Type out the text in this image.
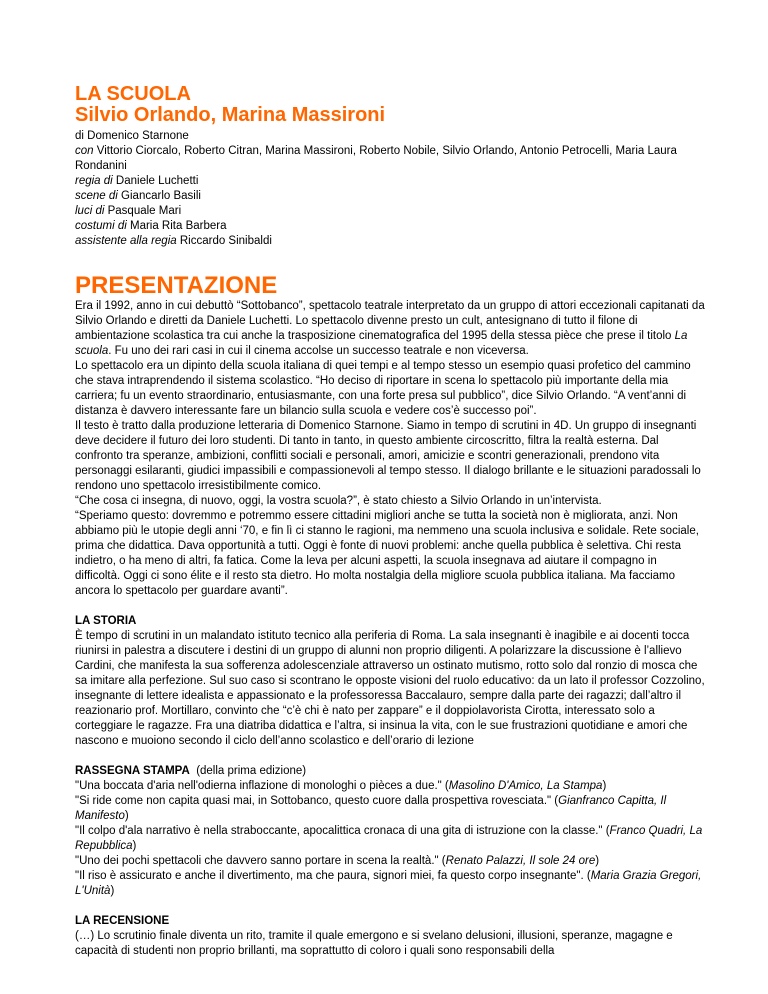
LA SCUOLA
Silvio Orlando, Marina Massironi
di Domenico Starnone
con Vittorio Ciorcalo, Roberto Citran, Marina Massironi, Roberto Nobile, Silvio Orlando, Antonio Petrocelli, Maria Laura Rondanini
regia di Daniele Luchetti
scene di Giancarlo Basili
luci di Pasquale Mari
costumi di Maria Rita Barbera
assistente alla regia Riccardo Sinibaldi
PRESENTAZIONE

Era il 1992, anno in cui debuttò “Sottobanco”, spettacolo teatrale interpretato da un gruppo di attori eccezionali capitanati da Silvio Orlando e diretti da Daniele Luchetti. Lo spettacolo divenne presto un cult, antesignano di tutto il filone di ambientazione scolastica tra cui anche la trasposizione cinematografica del 1995 della stessa pièce che prese il titolo La scuola. Fu uno dei rari casi in cui il cinema accolse un successo teatrale e non viceversa.

Lo spettacolo era un dipinto della scuola italiana di quei tempi e al tempo stesso un esempio quasi profetico del cammino che stava intraprendendo il sistema scolastico. “Ho deciso di riportare in scena lo spettacolo più importante della mia carriera; fu un evento straordinario, entusiasmante, con una forte presa sul pubblico”, dice Silvio Orlando. “A vent’anni di distanza è davvero interessante fare un bilancio sulla scuola e vedere cos’è successo poi”.

Il testo è tratto dalla produzione letteraria di Domenico Starnone. Siamo in tempo di scrutini in 4D. Un gruppo di insegnanti deve decidere il futuro dei loro studenti. Di tanto in tanto, in questo ambiente circoscritto, filtra la realtà esterna. Dal confronto tra speranze, ambizioni, conflitti sociali e personali, amori, amicizie e scontri generazionali, prendono vita personaggi esilaranti, giudici impassibili e compassionevoli al tempo stesso. Il dialogo brillante e le situazioni paradossali lo rendono uno spettacolo irresistibilmente comico.

“Che cosa ci insegna, di nuovo, oggi, la vostra scuola?”, è stato chiesto a Silvio Orlando in un’intervista.

“Speriamo questo: dovremmo e potremmo essere cittadini migliori anche se tutta la società non è migliorata, anzi. Non abbiamo più le utopie degli anni ‘70, e fin lì ci stanno le ragioni, ma nemmeno una scuola inclusiva e solidale. Rete sociale, prima che didattica. Dava opportunità a tutti. Oggi è fonte di nuovi problemi: anche quella pubblica è selettiva. Chi resta indietro, o ha meno di altri, fa fatica. Come la leva per alcuni aspetti, la scuola insegnava ad aiutare il compagno in difficoltà. Oggi ci sono élite e il resto sta dietro. Ho molta nostalgia della migliore scuola pubblica italiana. Ma facciamo ancora lo spettacolo per guardare avanti”.

LA STORIA
È tempo di scrutini in un malandato istituto tecnico alla periferia di Roma. La sala insegnanti è inagibile e ai docenti tocca riunirsi in palestra a discutere i destini di un gruppo di alunni non proprio diligenti. A polarizzare la discussione è l’allievo Cardini, che manifesta la sua sofferenza adolescenziale attraverso un ostinato mutismo, rotto solo dal ronzio di mosca che sa imitare alla perfezione. Sul suo caso si scontrano le opposte visioni del ruolo educativo: da un lato il professor Cozzolino, insegnante di lettere idealista e appassionato e la professoressa Baccalauro, sempre dalla parte dei ragazzi; dall’altro il reazionario prof. Mortillaro, convinto che “c’è chi è nato per zappare” e il doppiolavorista Cirotta, interessato solo a corteggiare le ragazze. Fra una diatriba didattica e l’altra, si insinua la vita, con le sue frustrazioni quotidiane e amori che nascono e muoiono secondo il ciclo dell’anno scolastico e dell’orario di lezione
RASSEGNA STAMPA (della prima edizione)
"Una boccata d'aria nell'odierna inflazione di monologhi o pièces a due." (Masolino D'Amico, La Stampa)
"Si ride come non capita quasi mai, in Sottobanco, questo cuore dalla prospettiva rovesciata." (Gianfranco Capitta, Il Manifesto)
"Il colpo d'ala narrativo è nella straboccante, apocalittica cronaca di una gita di istruzione con la classe." (Franco Quadri, La Repubblica)
"Uno dei pochi spettacoli che davvero sanno portare in scena la realtà." (Renato Palazzi, Il sole 24 ore)
"Il riso è assicurato e anche il divertimento, ma che paura, signori miei, fa questo corpo insegnante". (Maria Grazia Gregori, L'Unità)
LA RECENSIONE
(…) Lo scrutinio finale diventa un rito, tramite il quale emergono e si svelano delusioni, illusioni, speranze, magagne e capacità di studenti non proprio brillanti, ma soprattutto di coloro i quali sono responsabili della
